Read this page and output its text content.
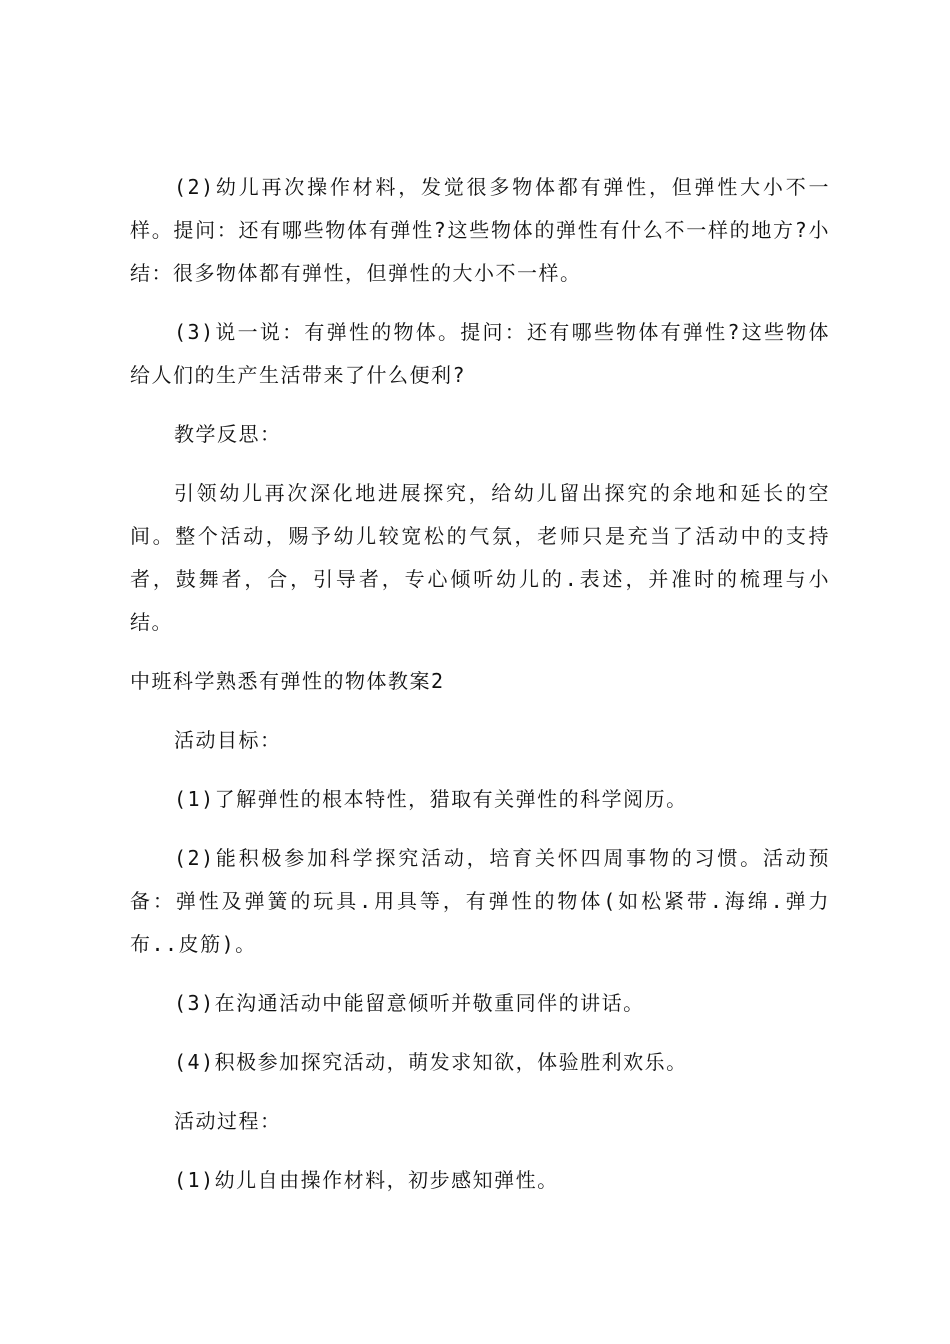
(2)幼儿再次操作材料，发觉很多物体都有弹性，但弹性大小不一样。提问：还有哪些物体有弹性?这些物体的弹性有什么不一样的地方?小结：很多物体都有弹性，但弹性的大小不一样。

(3)说一说：有弹性的物体。提问：还有哪些物体有弹性?这些物体给人们的生产生活带来了什么便利?

教学反思：

引领幼儿再次深化地进展探究，给幼儿留出探究的余地和延长的空间。整个活动，赐予幼儿较宽松的气氛，老师只是充当了活动中的支持者，鼓舞者，合，引导者，专心倾听幼儿的.表述，并准时的梳理与小结。

中班科学熟悉有弹性的物体教案2

活动目标：

(1)了解弹性的根本特性，猎取有关弹性的科学阅历。

(2)能积极参加科学探究活动，培育关怀四周事物的习惯。活动预备：弹性及弹簧的玩具.用具等，有弹性的物体(如松紧带.海绵.弹力布..皮筋)。

(3)在沟通活动中能留意倾听并敬重同伴的讲话。

(4)积极参加探究活动，萌发求知欲，体验胜利欢乐。

活动过程：

(1)幼儿自由操作材料，初步感知弹性。
